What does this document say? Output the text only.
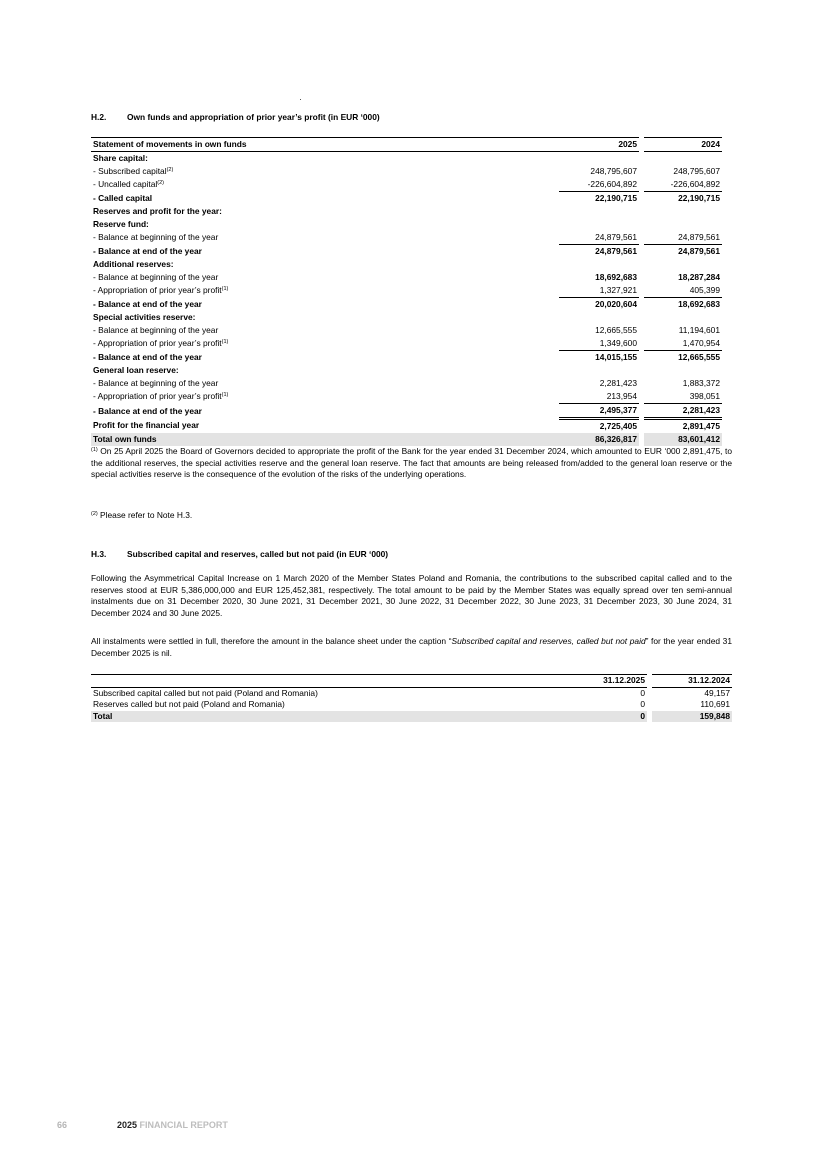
H.2. Own funds and appropriation of prior year’s profit (in EUR ‘000)
Statement of movements in own funds	2025		2024
Share capital:			
- Subscribed capital$^{(2)}$	248,795,607		248,795,607
- Uncalled capital$^{(2)}$	-226,604,892		-226,604,892
- Called capital	22,190,715		22,190,715
Reserves and profit for the year:			
Reserve fund:			
- Balance at beginning of the year	24,879,561		24,879,561
- Balance at end of the year	24,879,561		24,879,561
Additional reserves:			
- Balance at beginning of the year	18,692,683		18,287,284
- Appropriation of prior year’s profit$^{(1)}$	1,327,921		405,399
- Balance at end of the year	20,020,604		18,692,683
Special activities reserve:			
- Balance at beginning of the year	12,665,555		11,194,601
- Appropriation of prior year’s profit$^{(1)}$	1,349,600		1,470,954
- Balance at end of the year	14,015,155		12,665,555
General loan reserve:			
- Balance at beginning of the year	2,281,423		1,883,372
- Appropriation of prior year’s profit$^{(1)}$	213,954		398,051
- Balance at end of the year	2,495,377		2,281,423
Profit for the financial year	2,725,405		2,891,475
Total own funds	86,326,817		83,601,412
$^{(1)}$ On 25 April 2025 the Board of Governors decided to appropriate the profit of the Bank for the year ended 31 December 2024, which amounted to EUR ‘000 2,891,475, to the additional reserves, the special activities reserve and the general loan reserve. The fact that amounts are being released from/added to the general loan reserve or the special activities reserve is the consequence of the evolution of the risks of the underlying operations.
$^{(2)}$ Please refer to Note H.3.
H.3. Subscribed capital and reserves, called but not paid (in EUR ‘000)
Following the Asymmetrical Capital Increase on 1 March 2020 of the Member States Poland and Romania, the contributions to the subscribed capital called and to the reserves stood at EUR 5,386,000,000 and EUR 125,452,381, respectively. The total amount to be paid by the Member States was equally spread over ten semi-annual instalments due on 31 December 2020, 30 June 2021, 31 December 2021, 30 June 2022, 31 December 2022, 30 June 2023, 31 December 2023, 30 June 2024, 31 December 2024 and 30 June 2025.
All instalments were settled in full, therefore the amount in the balance sheet under the caption “Subscribed capital and reserves, called but not paid” for the year ended 31 December 2025 is nil.
	31.12.2025		31.12.2024
Subscribed capital called but not paid (Poland and Romania)	0		49,157
Reserves called but not paid (Poland and Romania)	0		110,691
Total	0		159,848
66	2025 FINANCIAL REPORT
